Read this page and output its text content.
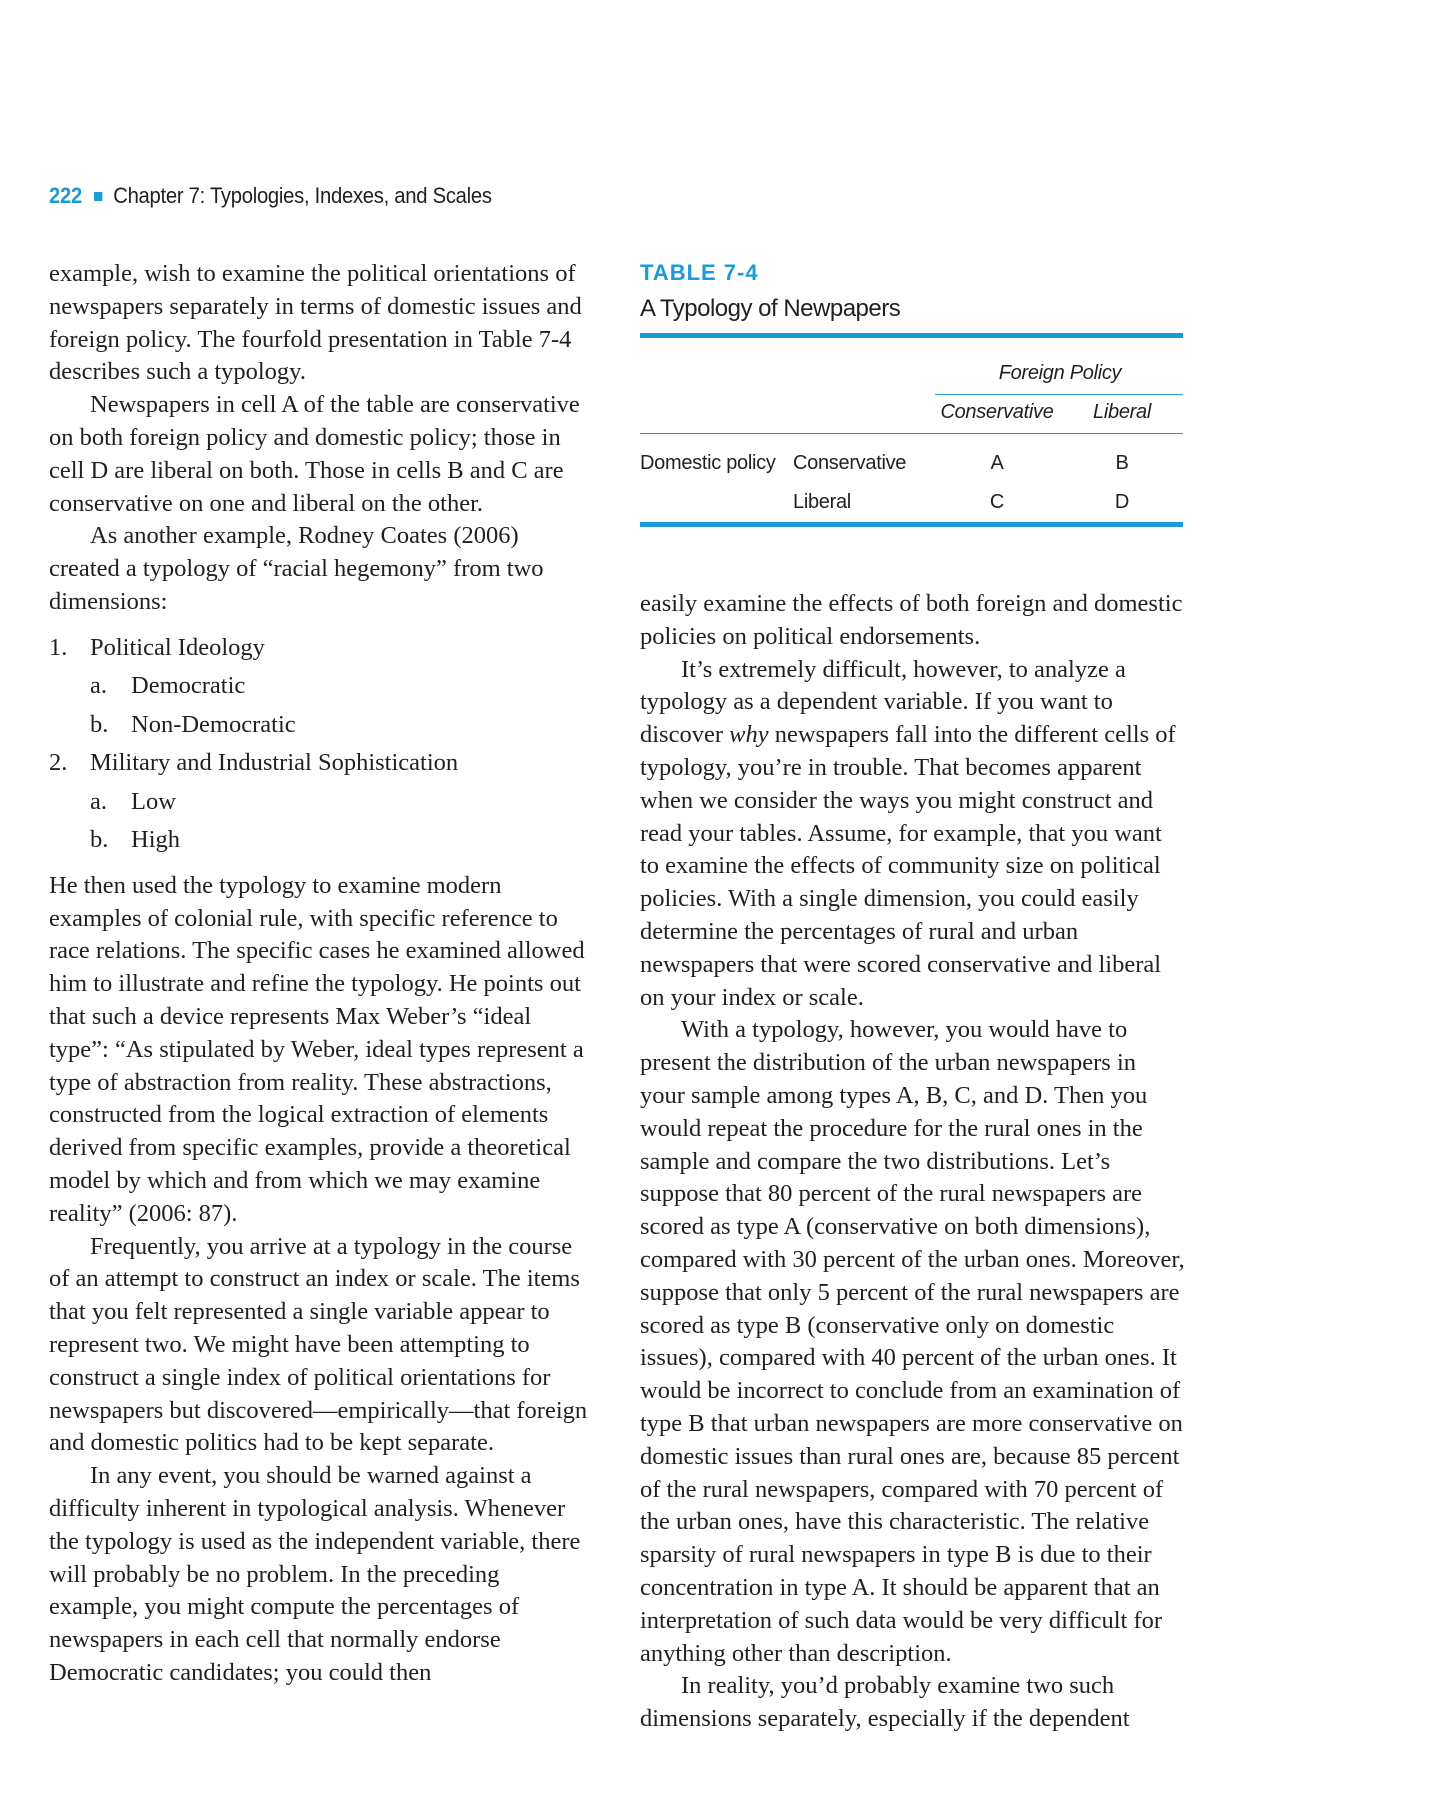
222 Chapter 7: Typologies, Indexes, and Scales

example, wish to examine the political orientations of newspapers separately in terms of domestic issues and foreign policy. The fourfold presentation in Table 7-4 describes such a typology.

Newspapers in cell A of the table are conservative on both foreign policy and domestic policy; those in cell D are liberal on both. Those in cells B and C are conservative on one and liberal on the other.

As another example, Rodney Coates (2006) created a typology of “racial hegemony” from two dimensions:

1. Political Ideology
a. Democratic
b. Non-Democratic
2. Military and Industrial Sophistication
a. Low
b. High

He then used the typology to examine modern examples of colonial rule, with specific reference to race relations. The specific cases he examined allowed him to illustrate and refine the typology. He points out that such a device represents Max Weber’s “ideal type”: “As stipulated by Weber, ideal types represent a type of abstraction from reality. These abstractions, constructed from the logical extraction of elements derived from specific examples, provide a theoretical model by which and from which we may examine reality” (2006: 87).

Frequently, you arrive at a typology in the course of an attempt to construct an index or scale. The items that you felt represented a single variable appear to represent two. We might have been attempting to construct a single index of political orientations for newspapers but discovered—empirically—that foreign and domestic politics had to be kept separate.

In any event, you should be warned against a difficulty inherent in typological analysis. Whenever the typology is used as the independent variable, there will probably be no problem. In the preceding example, you might compute the percentages of newspapers in each cell that normally endorse Democratic candidates; you could then

TABLE 7-4
A Typology of Newpapers
Foreign Policy
Conservative Liberal
Domestic policy Conservative	A	B
Liberal	C	D

easily examine the effects of both foreign and domestic policies on political endorsements.

It’s extremely difficult, however, to analyze a typology as a dependent variable. If you want to discover why newspapers fall into the different cells of typology, you’re in trouble. That becomes apparent when we consider the ways you might construct and read your tables. Assume, for example, that you want to examine the effects of community size on political policies. With a single dimension, you could easily determine the percentages of rural and urban newspapers that were scored conservative and liberal on your index or scale.

With a typology, however, you would have to present the distribution of the urban newspapers in your sample among types A, B, C, and D. Then you would repeat the procedure for the rural ones in the sample and compare the two distributions. Let’s suppose that 80 percent of the rural newspapers are scored as type A (conservative on both dimensions), compared with 30 percent of the urban ones. Moreover, suppose that only 5 percent of the rural newspapers are scored as type B (conservative only on domestic issues), compared with 40 percent of the urban ones. It would be incorrect to conclude from an examination of type B that urban newspapers are more conservative on domestic issues than rural ones are, because 85 percent of the rural newspapers, compared with 70 percent of the urban ones, have this characteristic. The relative sparsity of rural newspapers in type B is due to their concentration in type A. It should be apparent that an interpretation of such data would be very difficult for anything other than description.

In reality, you’d probably examine two such dimensions separately, especially if the dependent
